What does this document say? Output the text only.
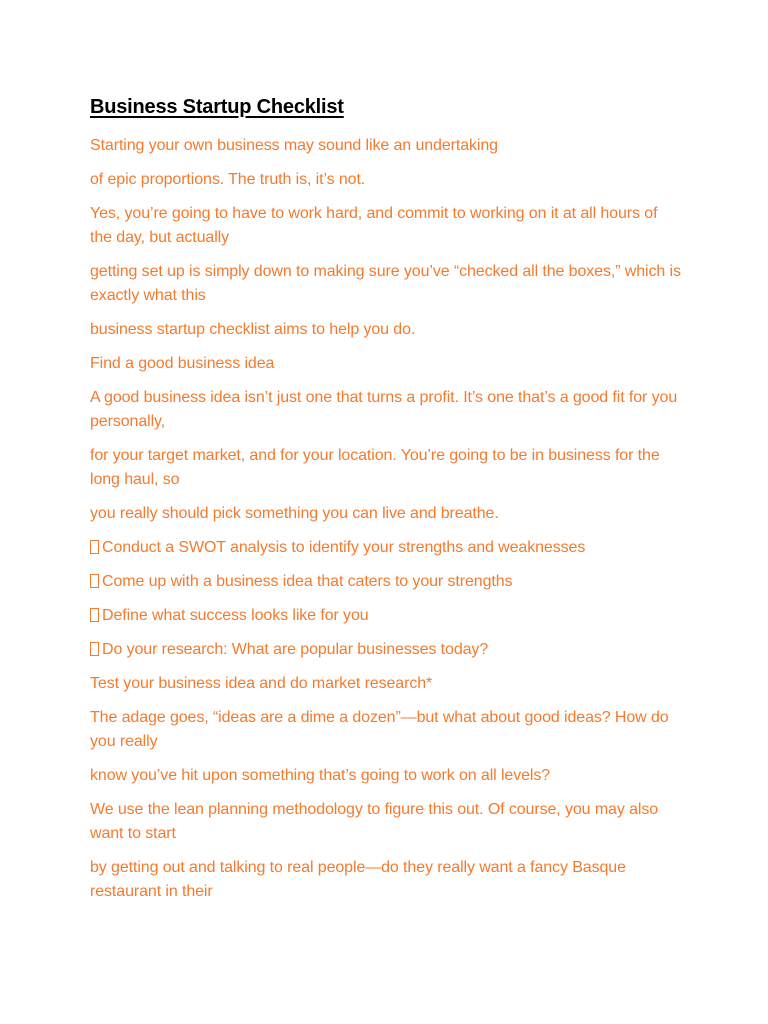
Business Startup Checklist

Starting your own business may sound like an undertaking

of epic proportions. The truth is, it’s not.

Yes, you’re going to have to work hard, and commit to working on it at all hours of the day, but actually

getting set up is simply down to making sure you’ve “checked all the boxes,” which is exactly what this

business startup checklist aims to help you do.

Find a good business idea

A good business idea isn’t just one that turns a profit. It’s one that’s a good fit for you personally,

for your target market, and for your location. You’re going to be in business for the long haul, so

you really should pick something you can live and breathe.

Conduct a SWOT analysis to identify your strengths and weaknesses

Come up with a business idea that caters to your strengths

Define what success looks like for you

Do your research: What are popular businesses today?

Test your business idea and do market research*

The adage goes, “ideas are a dime a dozen”—but what about good ideas? How do you really

know you’ve hit upon something that’s going to work on all levels?

We use the lean planning methodology to figure this out. Of course, you may also want to start

by getting out and talking to real people—do they really want a fancy Basque restaurant in their
